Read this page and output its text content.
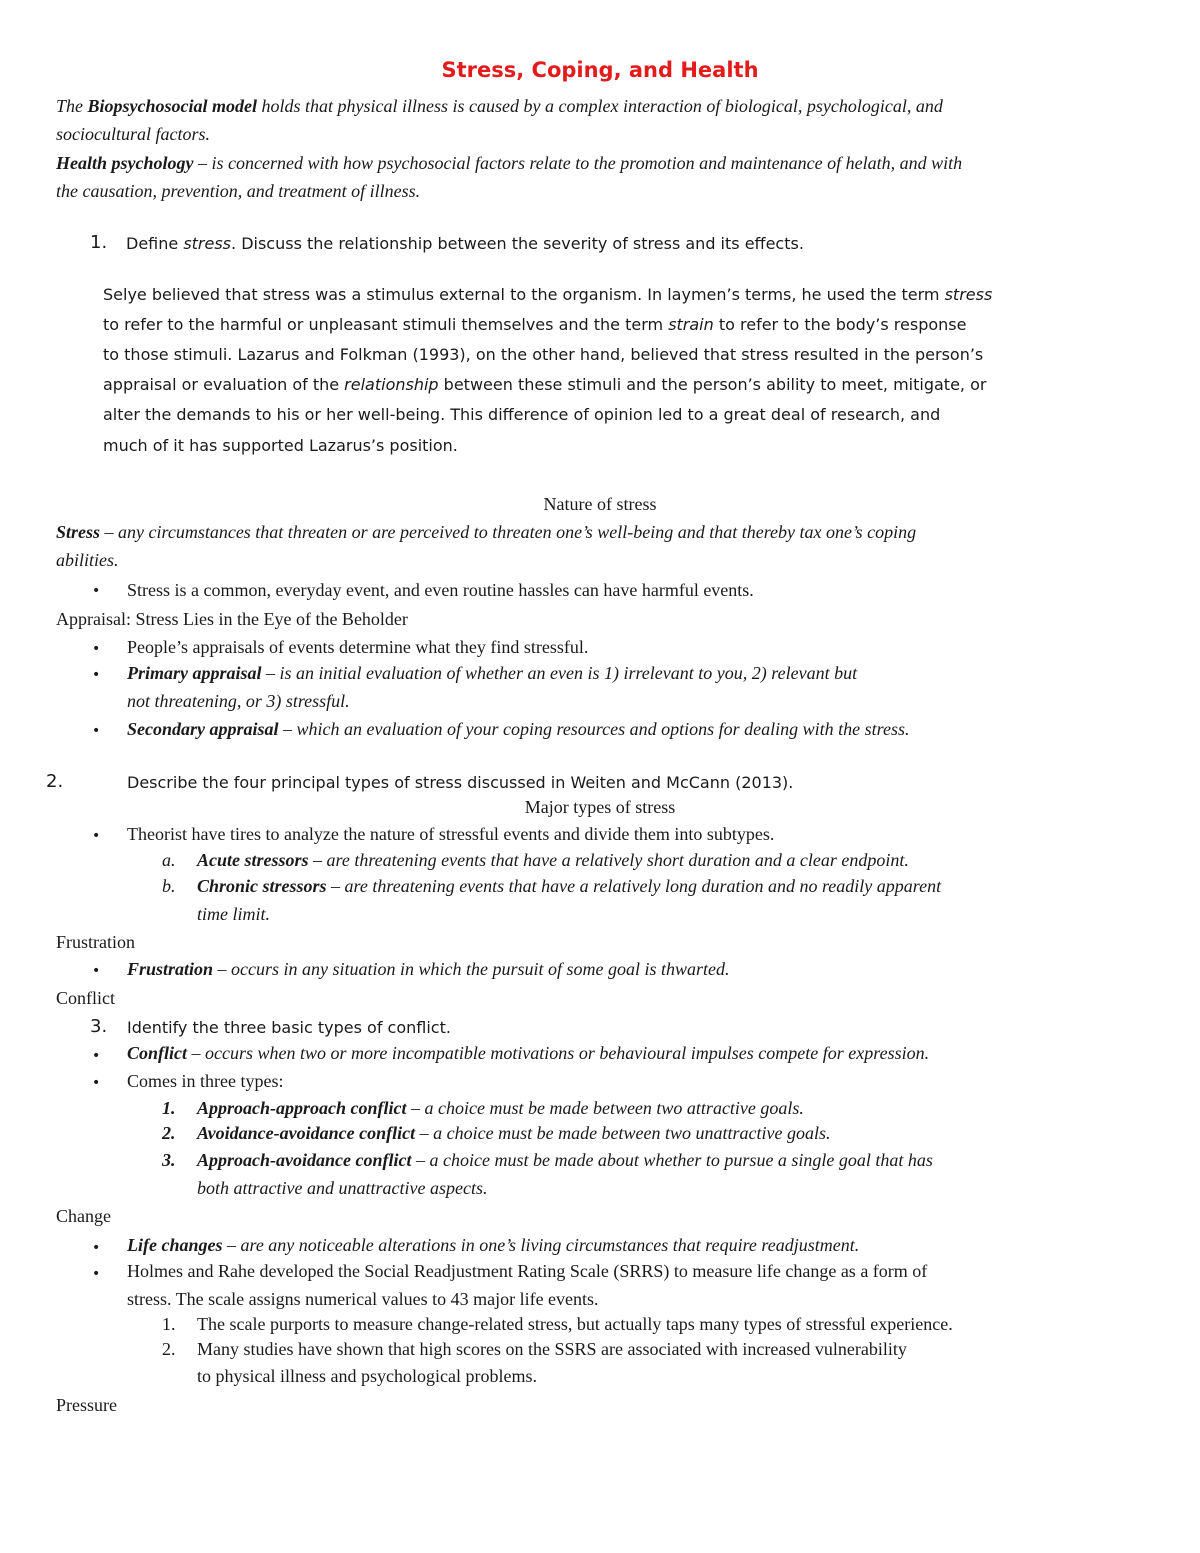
Stress, Coping, and Health
The Biopsychosocial model holds that physical illness is caused by a complex interaction of biological, psychological, and
sociocultural factors.
Health psychology – is concerned with how psychosocial factors relate to the promotion and maintenance of helath, and with
the causation, prevention, and treatment of illness.
1. Define stress. Discuss the relationship between the severity of stress and its effects.
Selye believed that stress was a stimulus external to the organism. In laymen’s terms, he used the term stress
to refer to the harmful or unpleasant stimuli themselves and the term strain to refer to the body’s response
to those stimuli. Lazarus and Folkman (1993), on the other hand, believed that stress resulted in the person’s
appraisal or evaluation of the relationship between these stimuli and the person’s ability to meet, mitigate, or
alter the demands to his or her well-being. This difference of opinion led to a great deal of research, and
much of it has supported Lazarus’s position.
Nature of stress
Stress – any circumstances that threaten or are perceived to threaten one’s well-being and that thereby tax one’s coping
abilities.
• Stress is a common, everyday event, and even routine hassles can have harmful events.
Appraisal: Stress Lies in the Eye of the Beholder
• People’s appraisals of events determine what they find stressful.
• Primary appraisal – is an initial evaluation of whether an even is 1) irrelevant to you, 2) relevant but
not threatening, or 3) stressful.
• Secondary appraisal – which an evaluation of your coping resources and options for dealing with the stress.
2.	Describe the four principal types of stress discussed in Weiten and McCann (2013).
Major types of stress
• Theorist have tires to analyze the nature of stressful events and divide them into subtypes.
a. Acute stressors – are threatening events that have a relatively short duration and a clear endpoint.
b. Chronic stressors – are threatening events that have a relatively long duration and no readily apparent
time limit.
Frustration
• Frustration – occurs in any situation in which the pursuit of some goal is thwarted.
Conflict
3. Identify the three basic types of conflict.
• Conflict – occurs when two or more incompatible motivations or behavioural impulses compete for expression.
• Comes in three types:
1. Approach-approach conflict – a choice must be made between two attractive goals.
2. Avoidance-avoidance conflict – a choice must be made between two unattractive goals.
3. Approach-avoidance conflict – a choice must be made about whether to pursue a single goal that has
both attractive and unattractive aspects.
Change
• Life changes – are any noticeable alterations in one’s living circumstances that require readjustment.
• Holmes and Rahe developed the Social Readjustment Rating Scale (SRRS) to measure life change as a form of
stress. The scale assigns numerical values to 43 major life events.
1. The scale purports to measure change-related stress, but actually taps many types of stressful experience.
2. Many studies have shown that high scores on the SSRS are associated with increased vulnerability
to physical illness and psychological problems.
Pressure
